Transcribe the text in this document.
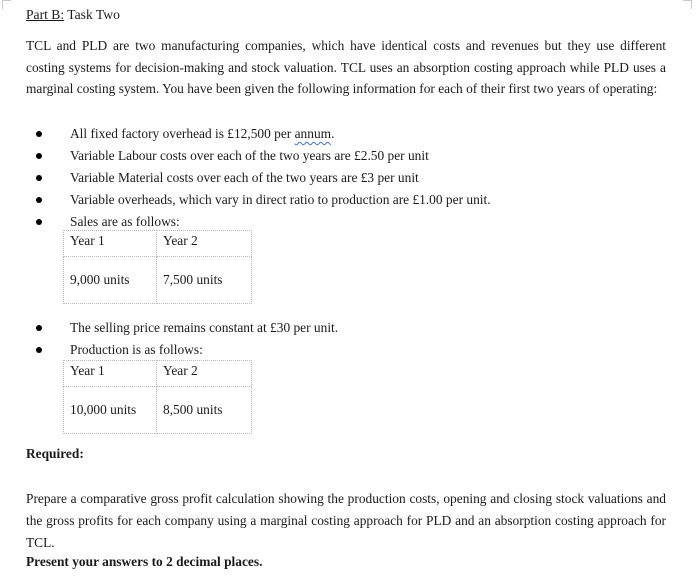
Part B: Task Two

TCL and PLD are two manufacturing companies, which have identical costs and revenues but they use different costing systems for decision-making and stock valuation. TCL uses an absorption costing approach while PLD uses a marginal costing system. You have been given the following information for each of their first two years of operating:

All fixed factory overhead is £12,500 per annum.
Variable Labour costs over each of the two years are £2.50 per unit
Variable Material costs over each of the two years are £3 per unit
Variable overheads, which vary in direct ratio to production are £1.00 per unit.
Sales are as follows:
Year 1	Year 2
9,000 units	7,500 units
The selling price remains constant at £30 per unit.
Production is as follows:
Year 1	Year 2
10,000 units	8,500 units

Required:

Prepare a comparative gross profit calculation showing the production costs, opening and closing stock valuations and the gross profits for each company using a marginal costing approach for PLD and an absorption costing approach for TCL.

Present your answers to 2 decimal places.
